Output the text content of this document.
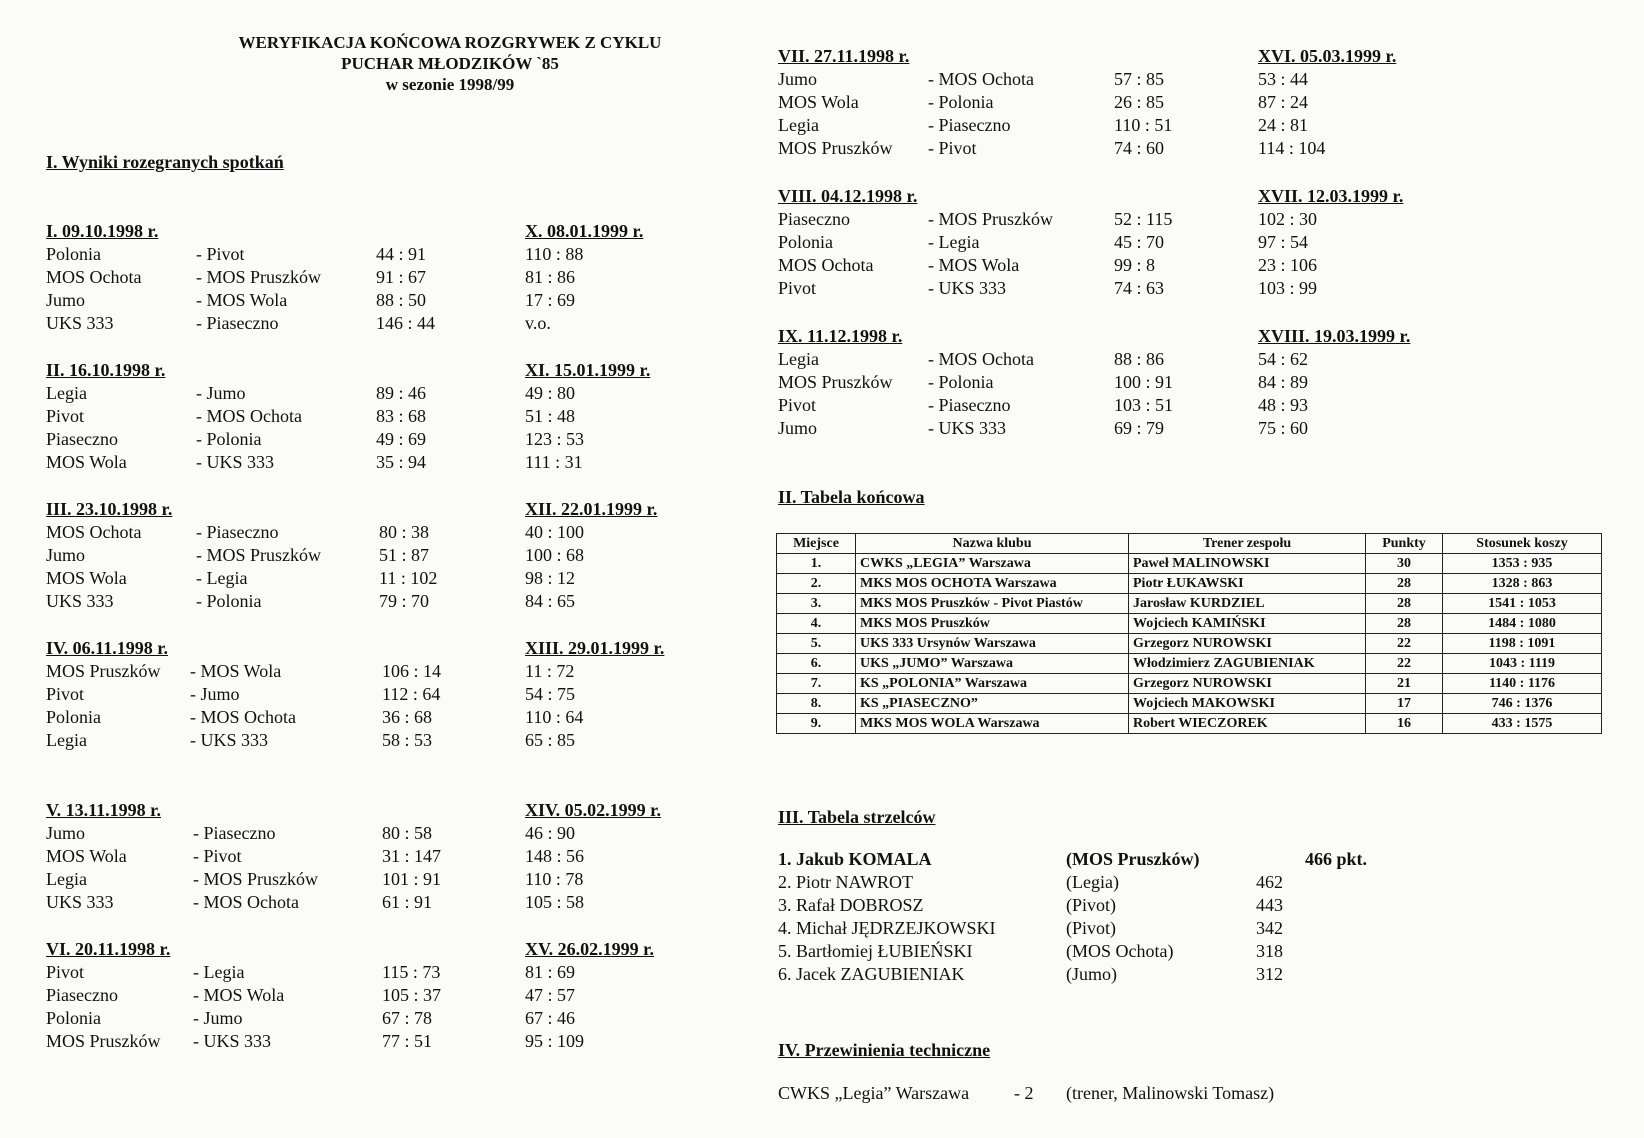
WERYFIKACJA KOŃCOWA ROZGRYWEK Z CYKLU
PUCHAR MŁODZIKÓW `85
w sezonie 1998/99
I. Wyniki rozegranych spotkań
I. 09.10.1998 r.
Polonia	- Pivot	44 : 91
MOS Ochota	- MOS Pruszków	91 : 67
Jumo	- MOS Wola	88 : 50
UKS 333	- Piaseczno	146 : 44
II. 16.10.1998 r.
Legia	- Jumo	89 : 46
Pivot	- MOS Ochota	83 : 68
Piaseczno	- Polonia	49 : 69
MOS Wola	- UKS 333	35 : 94
III. 23.10.1998 r.
MOS Ochota	- Piaseczno	80 : 38
Jumo	- MOS Pruszków	51 : 87
MOS Wola	- Legia	11 : 102
UKS 333	- Polonia	79 : 70
IV. 06.11.1998 r.
MOS Pruszków - MOS Wola	106 : 14
Pivot	- Jumo	112 : 64
Polonia	- MOS Ochota	36 : 68
Legia	- UKS 333	58 : 53
V. 13.11.1998 r.
Jumo	- Piaseczno	80 : 58
MOS Wola	- Pivot	31 : 147
Legia	- MOS Pruszków	101 : 91
UKS 333	- MOS Ochota	61 : 91
VI. 20.11.1998 r.
Pivot	- Legia	115 : 73
Piaseczno	- MOS Wola	105 : 37
Polonia	- Jumo	67 : 78
MOS Pruszków - UKS 333	77 : 51
X. 08.01.1999 r.
110 : 88
81 : 86
17 : 69
v.o.
XI. 15.01.1999 r.
49 : 80
51 : 48
123 : 53
111 : 31
XII. 22.01.1999 r.
40 : 100
100 : 68
98 : 12
84 : 65
XIII. 29.01.1999 r.
11 : 72
54 : 75
110 : 64
65 : 85
XIV. 05.02.1999 r.
46 : 90
148 : 56
110 : 78
105 : 58
XV. 26.02.1999 r.
81 : 69
47 : 57
67 : 46
95 : 109
VII. 27.11.1998 r.
Jumo	- MOS Ochota	57 : 85
MOS Wola	- Polonia	26 : 85
Legia	- Piaseczno	110 : 51
MOS Pruszków - Pivot	74 : 60
VIII. 04.12.1998 r.
Piaseczno	- MOS Pruszków	52 : 115
Polonia	- Legia	45 : 70
MOS Ochota	- MOS Wola	99 : 8
Pivot	- UKS 333	74 : 63
IX. 11.12.1998 r.
Legia	- MOS Ochota	88 : 86
MOS Pruszków - Polonia	100 : 91
Pivot	- Piaseczno	103 : 51
Jumo	- UKS 333	69 : 79
XVI. 05.03.1999 r.
53 : 44
87 : 24
24 : 81
114 : 104
XVII. 12.03.1999 r.
102 : 30
97 : 54
23 : 106
103 : 99
XVIII. 19.03.1999 r.
54 : 62
84 : 89
48 : 93
75 : 60
II. Tabela końcowa
Miejsce	Nazwa klubu	Trener zespołu	Punkty	Stosunek koszy
1.	CWKS „LEGIA” Warszawa	Paweł MALINOWSKI	30	1353 : 935
2.	MKS MOS OCHOTA Warszawa	Piotr ŁUKAWSKI	28	1328 : 863
3.	MKS MOS Pruszków - Pivot Piastów	Jarosław KURDZIEL	28	1541 : 1053
4.	MKS MOS Pruszków	Wojciech KAMIŃSKI	28	1484 : 1080
5.	UKS 333 Ursynów Warszawa	Grzegorz NUROWSKI	22	1198 : 1091
6.	UKS „JUMO” Warszawa	Włodzimierz ZAGUBIENIAK	22	1043 : 1119
7.	KS „POLONIA” Warszawa	Grzegorz NUROWSKI	21	1140 : 1176
8.	KS „PIASECZNO”	Wojciech MAKOWSKI	17	746 : 1376
9.	MKS MOS WOLA Warszawa	Robert WIECZOREK	16	433 : 1575
III. Tabela strzelców
1. Jakub KOMALA	(MOS Pruszków)	466 pkt.
2. Piotr NAWROT	(Legia)	462
3. Rafał DOBROSZ	(Pivot)	443
4. Michał JĘDRZEJKOWSKI	(Pivot)	342
5. Bartłomiej ŁUBIEŃSKI	(MOS Ochota)	318
6. Jacek ZAGUBIENIAK	(Jumo)	312
IV. Przewinienia techniczne
CWKS „Legia” Warszawa - 2 (trener, Malinowski Tomasz)
